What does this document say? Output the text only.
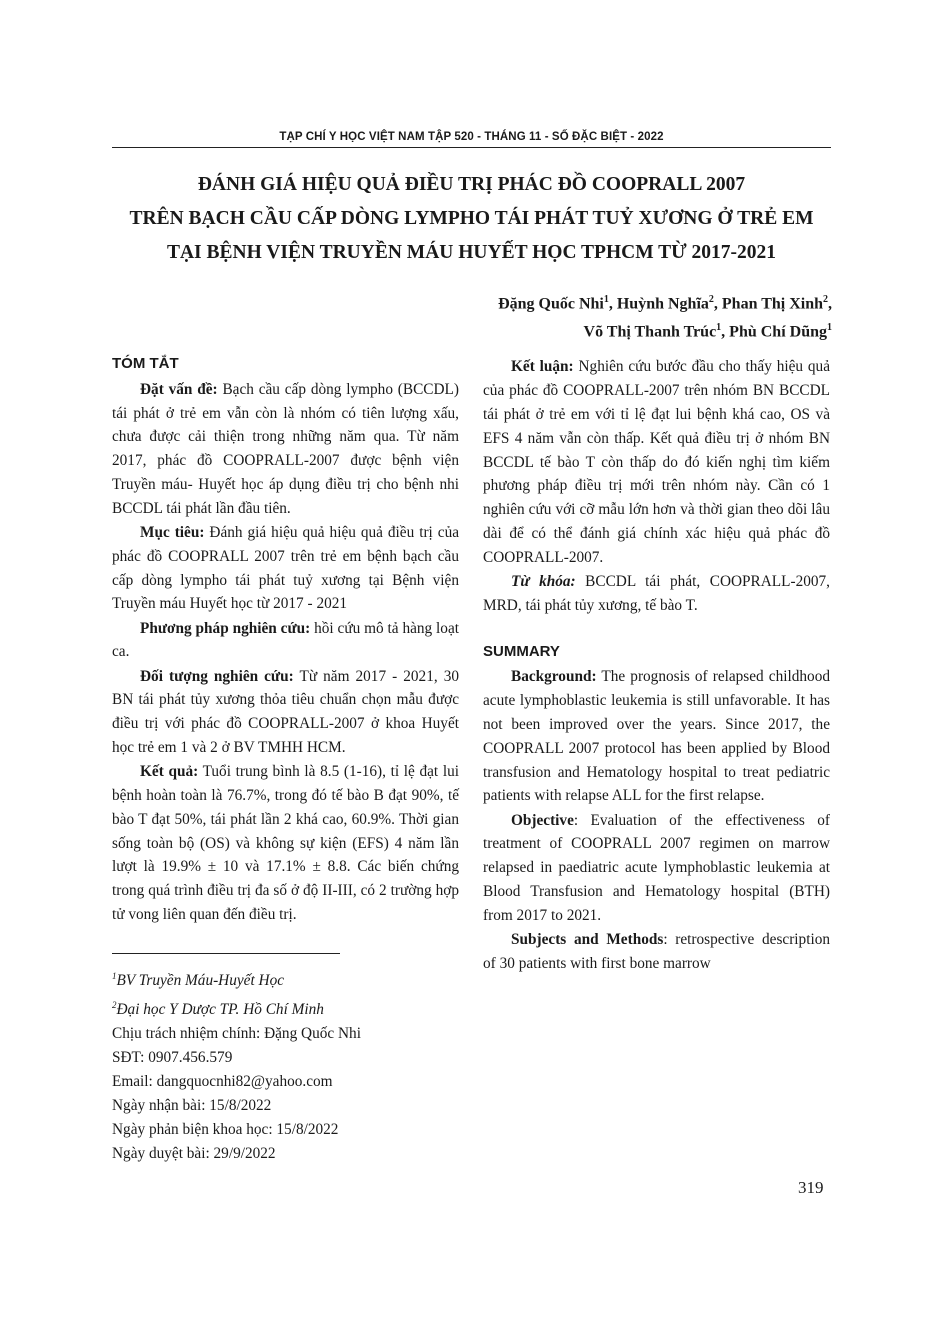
TẠP CHÍ Y HỌC VIỆT NAM TẬP 520 - THÁNG 11 - SỐ ĐẶC BIỆT - 2022
ĐÁNH GIÁ HIỆU QUẢ ĐIỀU TRỊ PHÁC ĐỒ COOPRALL 2007
TRÊN BẠCH CẦU CẤP DÒNG LYMPHO TÁI PHÁT TUỶ XƯƠNG Ở TRẺ EM
TẠI BỆNH VIỆN TRUYỀN MÁU HUYẾT HỌC TPHCM TỪ 2017-2021
Đặng Quốc Nhi$^1$, Huỳnh Nghĩa$^2$, Phan Thị Xinh$^2$,
Võ Thị Thanh Trúc$^1$, Phù Chí Dũng$^1$
TÓM TẮT

Đặt vấn đề: Bạch cầu cấp dòng lympho (BCCDL) tái phát ở trẻ em vẫn còn là nhóm có tiên lượng xấu, chưa được cải thiện trong những năm qua. Từ năm 2017, phác đồ COOPRALL-2007 được bệnh viện Truyền máu- Huyết học áp dụng điều trị cho bệnh nhi BCCDL tái phát lần đầu tiên.

Mục tiêu: Đánh giá hiệu quả hiệu quả điều trị của phác đồ COOPRALL 2007 trên trẻ em bệnh bạch cầu cấp dòng lympho tái phát tuỷ xương tại Bệnh viện Truyền máu Huyết học từ 2017 - 2021

Phương pháp nghiên cứu: hồi cứu mô tả hàng loạt ca.

Đối tượng nghiên cứu: Từ năm 2017 - 2021, 30 BN tái phát tủy xương thỏa tiêu chuẩn chọn mẫu được điều trị với phác đồ COOPRALL-2007 ở khoa Huyết học trẻ em 1 và 2 ở BV TMHH HCM.

Kết quả: Tuổi trung bình là 8.5 (1-16), tỉ lệ đạt lui bệnh hoàn toàn là 76.7%, trong đó tế bào B đạt 90%, tế bào T đạt 50%, tái phát lần 2 khá cao, 60.9%. Thời gian sống toàn bộ (OS) và không sự kiện (EFS) 4 năm lần lượt là 19.9% ± 10 và 17.1% ± 8.8. Các biến chứng trong quá trình điều trị đa số ở độ II-III, có 2 trường hợp tử vong liên quan đến điều trị.

$^1$BV Truyền Máu-Huyết Học
$^2$Đại học Y Dược TP. Hồ Chí Minh
Chịu trách nhiệm chính: Đặng Quốc Nhi
SĐT: 0907.456.579
Email: dangquocnhi82@yahoo.com
Ngày nhận bài: 15/8/2022
Ngày phản biện khoa học: 15/8/2022
Ngày duyệt bài: 29/9/2022

Kết luận: Nghiên cứu bước đầu cho thấy hiệu quả của phác đồ COOPRALL-2007 trên nhóm BN BCCDL tái phát ở trẻ em với tỉ lệ đạt lui bệnh khá cao, OS và EFS 4 năm vẫn còn thấp. Kết quả điều trị ở nhóm BN BCCDL tế bào T còn thấp do đó kiến nghị tìm kiếm phương pháp điều trị mới trên nhóm này. Cần có 1 nghiên cứu với cỡ mẫu lớn hơn và thời gian theo dõi lâu dài để có thể đánh giá chính xác hiệu quả phác đồ COOPRALL-2007.

Từ khóa: BCCDL tái phát, COOPRALL-2007, MRD, tái phát tủy xương, tế bào T.

SUMMARY

Background: The prognosis of relapsed childhood acute lymphoblastic leukemia is still unfavorable. It has not been improved over the years. Since 2017, the COOPRALL 2007 protocol has been applied by Blood transfusion and Hematology hospital to treat pediatric patients with relapse ALL for the first relapse.

Objective: Evaluation of the effectiveness of treatment of COOPRALL 2007 regimen on marrow relapsed in paediatric acute lymphoblastic leukemia at Blood Transfusion and Hematology hospital (BTH) from 2017 to 2021.

Subjects and Methods: retrospective description of 30 patients with first bone marrow

319
